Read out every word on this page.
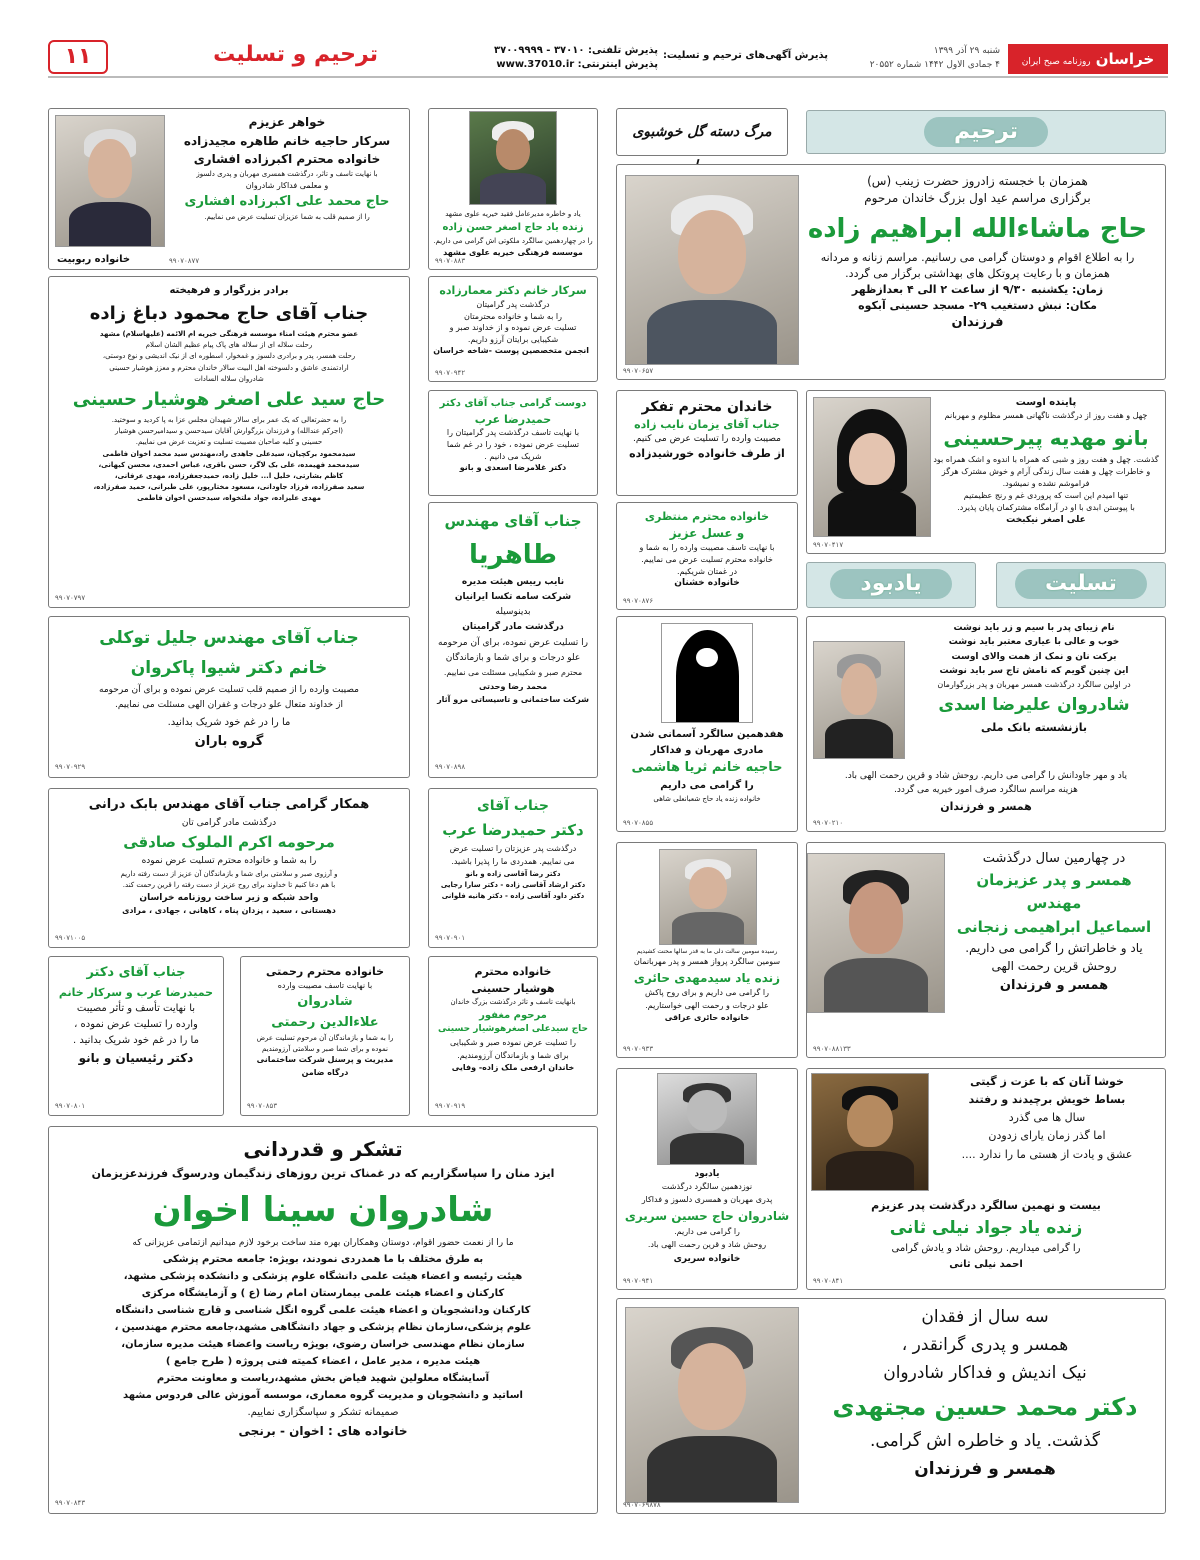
خراسان روزنامه صبح ایران
شنبه ۲۹ آذر ۱۳۹۹
۴ جمادی الاول ۱۴۴۲ شماره ۲۰۵۵۲
پذیرش آگهی‌های ترحیم و تسلیت:
پذیرش تلفنی: ۳۷۰۱۰ - ۳۷۰۰۹۹۹۹
پذیرش اینترنتی: www.37010.ir
ترحیم و تسلیت
۱۱
ترحیم
مرگ دسته گل خوشبوی
همزمان با خجسته زادروز حضرت زینب (س)
برگزاری مراسم عید اول بزرگ خاندان مرحوم
حاج ماشاءالله ابراهیم زاده
را به اطلاع اقوام و دوستان گرامی می رسانیم. مراسم زنانه و مردانه
همزمان و با رعایت پروتکل های بهداشتی برگزار می گردد.
زمان: یکشنبه ۹/۳۰ از ساعت ۲ الی ۴ بعدازظهر
مکان: نبش دستغیب ۲۹- مسجد حسینی آبکوه
فرزندان
۹۹۰۷۰۶۵۷
پاینده اوست
چهل و هفت روز از درگذشت ناگهانی همسر مظلوم و مهربانم
بانو مهدیه پیرحسینی
گذشت. چهل و هفت روز و شبی که همراه با اندوه و اشک همراه بود
و خاطرات چهل و هفت سال زندگی آرام و خوش مشترک هرگز
فراموشم نشده و نمیشود.
تنها امیدم این است که پروردی غم و رنج عظیمتیم
با پیوستن ابدی با او در آرامگاه مشترکمان پایان پذیرد.
علی اصغر نیکبخت
۹۹۰۷۰۴۱۷
تسلیت
یادبود
نام زیبای پدر با سیم و زر باید نوشت
خوب و عالی با عیاری معتبر باید نوشت
برکت نان و نمک از همت والای اوست
این چنین گویم که نامش تاج سر باید نوشت
در اولین سالگرد درگذشت همسر مهربان و پدر بزرگوارمان
شادروان علیرضا اسدی
بازنشسته بانک ملی
یاد و مهر جاودانش را گرامی می داریم. روحش شاد و قرین رحمت الهی باد.
هزینه مراسم سالگرد صرف امور خیریه می گردد.
همسر و فرزندان
۹۹۰۷۰۲۱۰
در چهارمین سال درگذشت
همسر و پدر عزیزمان
مهندس
اسماعیل ابراهیمی زنجانی
یاد و خاطراتش را گرامی می داریم.
روحش قرین رحمت الهی
همسر و فرزندان
۹۹۰۷۰۸۸۱۳۳
خوشا آنان که با عزت ز گیتی
بساط خویش برچیدند و رفتند
سال ها می گذرد
اما گذر زمان یارای زدودن
عشق و یادت از هستی ما را ندارد ....
بیست و نهمین سالگرد درگذشت پدر عزیزم
زنده یاد جواد نیلی ثانی
را گرامی میداریم. روحش شاد و یادش گرامی
احمد نیلی ثانی
۹۹۰۷۰۸۴۱
سه سال از فقدان
همسر و پدری گرانقدر ،
نیک اندیش و فداکار شادروان
دکتر محمد حسین مجتهدی
گذشت. یاد و خاطره اش گرامی.
همسر و فرزندان
۹۹۰۷۰۶۹۸۷۸
خاندان محترم تفکر
جناب آقای یزمان نایب زاده
مصیبت وارده را تسلیت عرض می کنیم.
از طرف خانواده خورشیدزاده
خانواده محترم منتظری
و عسل عزیز
با نهایت تاسف مصیبت وارده را به شما و
خانواده محترم تسلیت عرض می نماییم.
در غمتان شریکیم.
خانواده خشنان
۹۹۰۷۰۸۷۶
هفدهمین سالگرد آسمانی شدن
مادری مهربان و فداکار
حاجیه خانم ثریا هاشمی
را گرامی می داریم
خانواده زنده یاد حاج شعبانعلی شاهی
۹۹۰۷۰۸۵۵
رسیده سومین سالت دلی ما به قدر سالها محنت کشیدیم
سومین سالگرد پرواز همسر و پدر مهربانمان
زنده یاد سیدمهدی حائری
را گرامی می داریم و برای روح پاکش
علو درجات و رحمت الهی خواستاریم.
خانواده حائری عراقی
۹۹۰۷۰۹۳۳
یادبود
نوزدهمین سالگرد درگذشت
پدری مهربان و همسری دلسوز و فداکار
شادروان حاج حسین سریری
را گرامی می داریم.
روحش شاد و قرین رحمت الهی باد.
خانواده سریری
۹۹۰۷۰۹۴۱
یاد و خاطره مدیرعامل فقید خیریه علوی مشهد
زنده یاد حاج اصغر حسن زاده
را در چهاردهمین سالگرد ملکوتی اش گرامی می داریم.
موسسه فرهنگی خیریه علوی مشهد
۹۹۰۷۰۸۸۳
سرکار خانم دکتر معمارزاده
درگذشت پدر گرامیتان
را به شما و خانواده محترمتان
تسلیت عرض نموده و از خداوند صبر و
شکیبایی برایتان آرزو داریم.
انجمن متخصصین پوست -شاخه خراسان
۹۹۰۷۰۹۴۲
دوست گرامی جناب آقای دکتر
حمیدرضا عرب
با نهایت تاسف درگذشت پدر گرامیتان را
تسلیت عرض نموده ، خود را در غم شما
شریک می دانیم .
دکتر غلامرضا اسعدی و بانو
جناب آقای مهندس
طاهریا
نایب رییس هیئت مدیره
شرکت سامه تکسا ایرانیان
بدینوسیله
درگذشت مادر گرامیتان
را تسلیت عرض نموده، برای آن مرحومه
علو درجات و برای شما و بازماندگان
محترم صبر و شکیبایی مسئلت می نماییم.
محمد رضا وحدتی
شرکت ساختمانی و تاسیساتی مرو آثار
۹۹۰۷۰۸۹۸
جناب آقای
دکتر حمیدرضا عرب
درگذشت پدر عزیزتان را تسلیت عرض
می نماییم. همدردی ما را پذیرا باشید.
دکتر رضا آقاسی زاده و بانو
دکتر ارشاد آقاسی زاده - دکتر سارا رجایی
دکتر داود آقاسی زاده - دکتر هانیه فلوانی
۹۹۰۷۰۹۰۱
خانواده محترم
هوشیار حسینی
بانهایت تاسف و تاثر درگذشت بزرگ خاندان
مرحوم مغفور
حاج سیدعلی اصغرهوشیار حسینی
را تسلیت عرض نموده صبر و شکیبایی
برای شما و بازماندگان آرزومندیم.
خاندان ارفعی ملک زاده- وفایی
۹۹۰۷۰۹۱۹
خانواده محترم رحمتی
با نهایت تاسف مصیبت وارده
شادروان
علاءالدین رحمتی
را به شما و بازماندگان آن مرحوم تسلیت عرض
نموده و برای شما صبر و سلامتی آرزومندیم
مدیریت و پرسنل شرکت ساختمانی
درگاه ضامن
۹۹۰۷۰۸۵۳
جناب آقای دکتر
حمیدرضا عرب و سرکار خانم
با نهایت تأسف و تأثر مصیبت
وارده را تسلیت عرض نموده ،
ما را در غم خود شریک بدانید .
دکتر رئیسیان و بانو
۹۹۰۷۰۸۰۱
خواهر عزیزم
سرکار حاجیه خانم طاهره مجیدزاده
خانواده محترم اکبرزاده افشاری
با نهایت تاسف و تاثر، درگذشت همسری مهربان و پدری دلسوز
و معلمی فداکار شادروان
حاج محمد علی اکبرزاده افشاری
را از صمیم قلب به شما عزیزان تسلیت عرض می نماییم.
خانواده ربوبیت	۹۹۰۷۰۸۷۷
برادر بزرگوار و فرهیخته
جناب آقای حاج محمود دباغ زاده
عضو محترم هیئت امناء موسسه فرهنگی خیریه ام الائمه (علیهاسلام) مشهد
رحلت سلاله ای از سلاله های پاک پیام عظیم الشان اسلام
رحلت همسر، پدر و برادری دلسوز و غمخوار، اسطوره ای از نیک اندیشی و نوع دوستی،
ارادتمندی عاشق و دلسوخته اهل البیت سالار خاندان محترم و معزز هوشیار حسینی
شادروان سلاله السادات
حاج سید علی اصغر هوشیار حسینی
را به حضرتعالی که یک عمر برای سالار شهیدان مجلس عزا به پا کردید و سوختید.
(اجرکم عندالله) و فرزندان بزرگوارش آقایان سیدحسن و سیدامیرحسن هوشیار
حسینی و کلیه صاحبان مصیبت تسلیت و تعزیت عرض می نماییم.
سیدمحمود برکچیان، سیدعلی جاهدی راد،مهندس سید محمد اخوان فاطمی
سیدمحمد فهیمده، علی بک لاگر، حسن باقری، عباس احمدی، محسن کیهانی،
کاظم بشارتی، خلیل ا... خلیل زاده، حمیدجعفرزاده، مهدی عرفانی،
سعید صفرزاده، فرزاد جاودانی، مسعود مختارپور، علی طبرانی، حمید صفرزاده،
مهدی علیزاده، جواد ملتخواه، سیدحسن اخوان فاطمی
۹۹۰۷۰۷۹۷
جناب آقای مهندس جلیل توکلی
خانم دکتر شیوا پاکروان
مصیبت وارده را از صمیم قلب تسلیت عرض نموده و برای آن مرحومه
از خداوند متعال علو درجات و غفران الهی مسئلت می نماییم.
ما را در غم خود شریک بدانید.
گروه باران
۹۹۰۷۰۹۲۹
همکار گرامی جناب آقای مهندس بابک درانی
درگذشت مادر گرامی تان
مرحومه اکرم الملوک صادقی
را به شما و خانواده محترم تسلیت عرض نموده
و آرزوی صبر و سلامتی برای شما و بازماندگان آن عزیز از دست رفته داریم
با هم دعا کنیم تا خداوند برای روح عزیز از دست رفته را قرین رحمت کند.
واحد شبکه و زیر ساخت روزنامه خراسان
دهستانی ، سعید ، یزدان پناه ، کاهانی ، جهادی ، مرادی
۹۹۰۷۱۰۰۵
تشکر و قدردانی
ایزد منان را سپاسگزاریم که در غمناک ترین روزهای زندگیمان ودرسوگ فرزندعزیزمان
شادروان سینا اخوان
ما را از نعمت حضور اقوام، دوستان وهمکاران بهره مند ساخت برخود لازم میدانیم ازتمامی عزیزانی که
به طرق مختلف با ما همدردی نمودند، بویژه: جامعه محترم پزشکی
هیئت رئیسه و اعضاء هیئت علمی دانشگاه علوم پزشکی و دانشکده پزشکی مشهد،
کارکنان و اعضاء هیئت علمی بیمارستان امام رضا (ع ) و آزمایشگاه مرکزی
کارکنان ودانشجویان و اعضاء هیئت علمی گروه انگل شناسی و قارچ شناسی دانشگاه
علوم پزشکی،سازمان نظام پزشکی و جهاد دانشگاهی مشهد،جامعه محترم مهندسین ،
سازمان نظام مهندسی خراسان رضوی، بویژه ریاست واعضاء هیئت مدیره سازمان،
هیئت مدیره ، مدیر عامل ، اعضاء کمیته فنی پروژه ( طرح جامع )
آسایشگاه معلولین شهید فیاض بخش مشهد،ریاست و معاونت محترم
اساتید و دانشجویان و مدیریت گروه معماری، موسسه آموزش عالی فردوس مشهد
صمیمانه تشکر و سپاسگزاری نماییم.
خانواده های : اخوان - برنجی
۹۹۰۷۰۸۴۳
